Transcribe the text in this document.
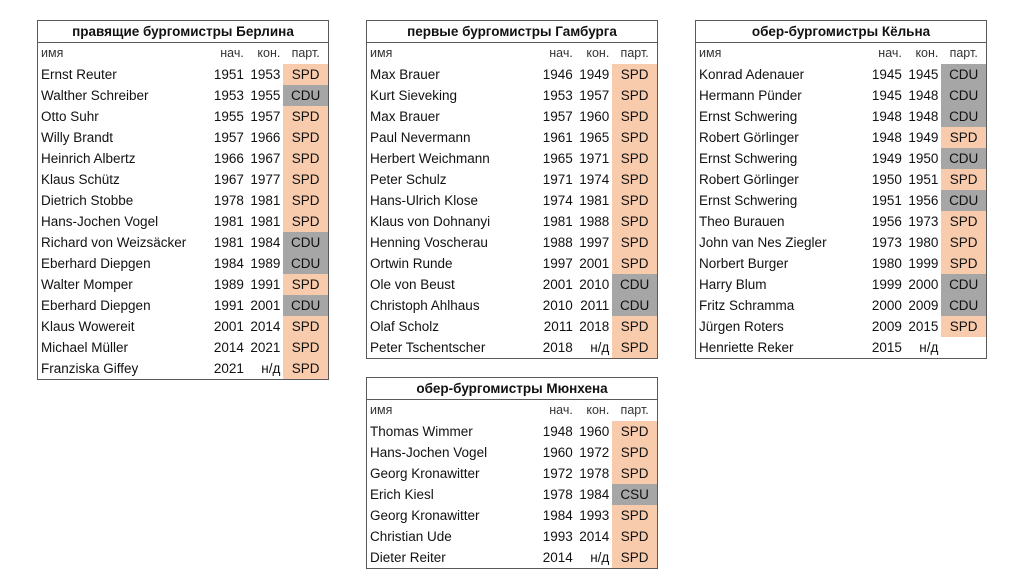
правящие бургомистры Берлина			
имя	нач.	кон.	парт.
Ernst Reuter	1951	1953	SPD
Walther Schreiber	1953	1955	CDU
Otto Suhr	1955	1957	SPD
Willy Brandt	1957	1966	SPD
Heinrich Albertz	1966	1967	SPD
Klaus Schütz	1967	1977	SPD
Dietrich Stobbe	1978	1981	SPD
Hans-Jochen Vogel	1981	1981	SPD
Richard von Weizsäcker	1981	1984	CDU
Eberhard Diepgen	1984	1989	CDU
Walter Momper	1989	1991	SPD
Eberhard Diepgen	1991	2001	CDU
Klaus Wowereit	2001	2014	SPD
Michael Müller	2014	2021	SPD
Franziska Giffey	2021	н/д	SPD
первые бургомистры Гамбурга			
имя	нач.	кон.	парт.
Max Brauer	1946	1949	SPD
Kurt Sieveking	1953	1957	SPD
Max Brauer	1957	1960	SPD
Paul Nevermann	1961	1965	SPD
Herbert Weichmann	1965	1971	SPD
Peter Schulz	1971	1974	SPD
Hans-Ulrich Klose	1974	1981	SPD
Klaus von Dohnanyi	1981	1988	SPD
Henning Voscherau	1988	1997	SPD
Ortwin Runde	1997	2001	SPD
Ole von Beust	2001	2010	CDU
Christoph Ahlhaus	2010	2011	CDU
Olaf Scholz	2011	2018	SPD
Peter Tschentscher	2018	н/д	SPD
обер-бургомистры Кёльна			
имя	нач.	кон.	парт.
Konrad Adenauer	1945	1945	CDU
Hermann Pünder	1945	1948	CDU
Ernst Schwering	1948	1948	CDU
Robert Görlinger	1948	1949	SPD
Ernst Schwering	1949	1950	CDU
Robert Görlinger	1950	1951	SPD
Ernst Schwering	1951	1956	CDU
Theo Burauen	1956	1973	SPD
John van Nes Ziegler	1973	1980	SPD
Norbert Burger	1980	1999	SPD
Harry Blum	1999	2000	CDU
Fritz Schramma	2000	2009	CDU
Jürgen Roters	2009	2015	SPD
Henriette Reker	2015	н/д	
обер-бургомистры Мюнхена			
имя	нач.	кон.	парт.
Thomas Wimmer	1948	1960	SPD
Hans-Jochen Vogel	1960	1972	SPD
Georg Kronawitter	1972	1978	SPD
Erich Kiesl	1978	1984	CSU
Georg Kronawitter	1984	1993	SPD
Christian Ude	1993	2014	SPD
Dieter Reiter	2014	н/д	SPD
